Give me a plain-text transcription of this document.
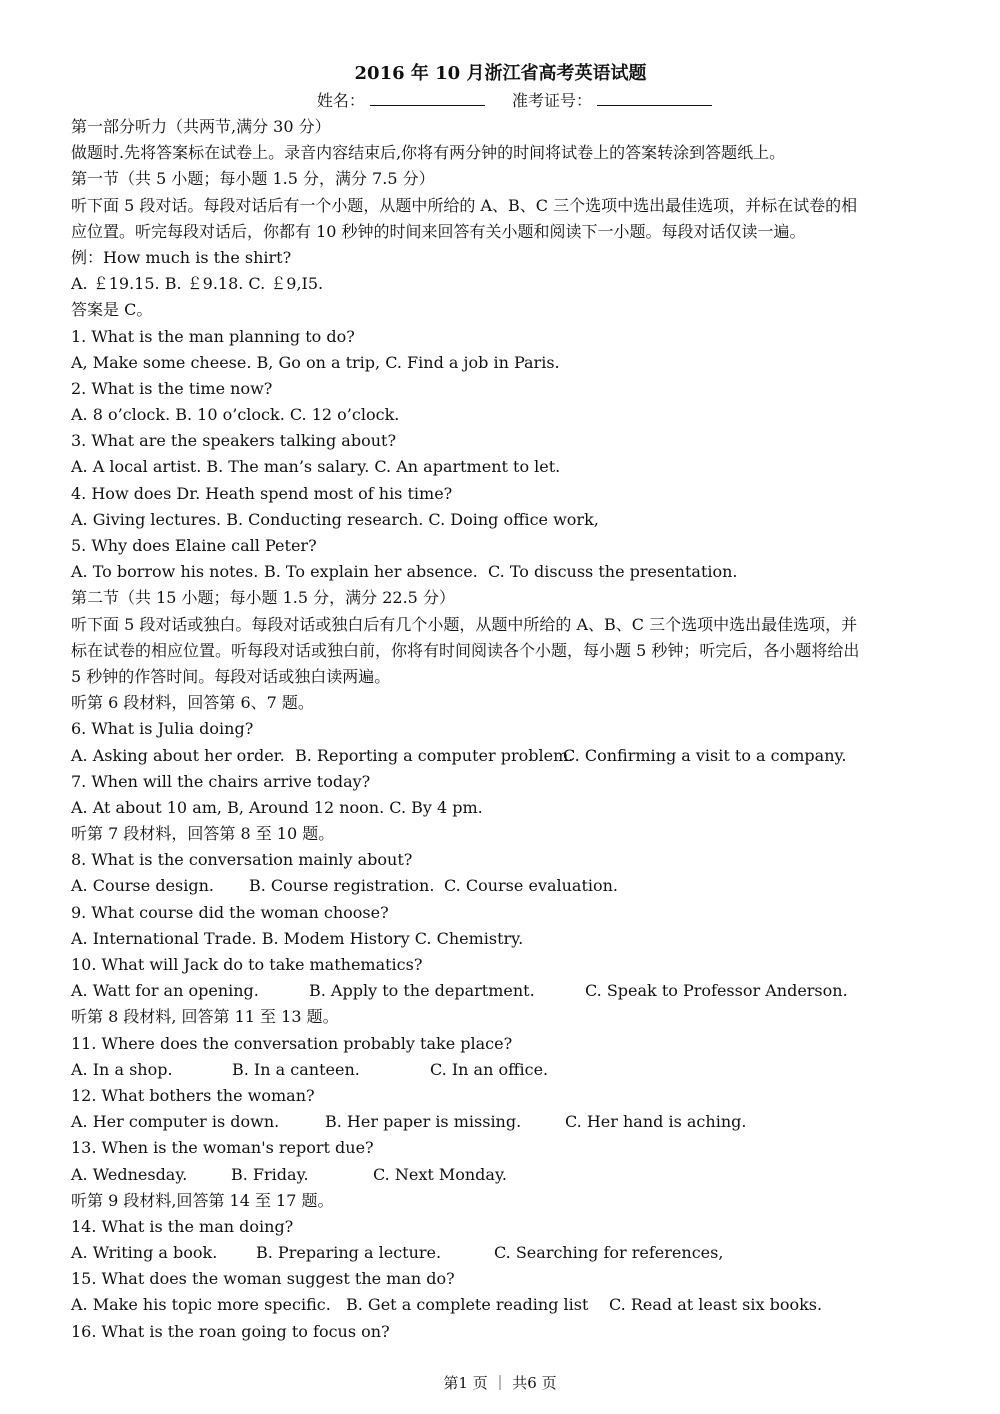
2016 年 10 月浙江省高考英语试题
姓名：	准考证号：
第一部分听力（共两节,满分 30 分）
做题时.先将答案标在试卷上。录音内容结束后,你将有两分钟的时间将试卷上的答案转涂到答题纸上。
第一节（共 5 小题；每小题 1.5 分，满分 7.5 分）
听下面 5 段对话。每段对话后有一个小题，从题中所给的 A、B、C 三个选项中选出最佳选项，并标在试卷的相
应位置。听完每段对话后，你都有 10 秒钟的时间来回答有关小题和阅读下一小题。每段对话仅读一遍。
例：How much is the shirt?
A. ￡19.15. B. ￡9.18. C. ￡9,I5.
答案是 C。
1. What is the man planning to do?
A, Make some cheese. B, Go on a trip, C. Find a job in Paris.
2. What is the time now?
A. 8 o’clock. B. 10 o’clock. C. 12 o’clock.
3. What are the speakers talking about?
A. A local artist. B. The man’s salary. C. An apartment to let.
4. How does Dr. Heath spend most of his time?
A. Giving lectures. B. Conducting research. C. Doing office work,
5. Why does Elaine call Peter?
A. To borrow his notes. B. To explain her absence. C. To discuss the presentation.
第二节（共 15 小题；每小题 1.5 分，满分 22.5 分）
听下面 5 段对话或独白。每段对话或独白后有几个小题，从题中所给的 A、B、C 三个选项中选出最佳选项，并
标在试卷的相应位置。听每段对话或独白前，你将有时间阅读各个小题，每小题 5 秒钟；听完后，各小题将给出
5 秒钟的作答时间。每段对话或独白读两遍。
听第 6 段材料，回答第 6、7 题。
6. What is Julia doing?
A. Asking about her order. B. Reporting a computer problem.
C. Confirming a visit to a company.
7. When will the chairs arrive today?
A. At about 10 am, B, Around 12 noon. C. By 4 pm.
听第 7 段材料，回答第 8 至 10 题。
8. What is the conversation mainly about?
A. Course design. B. Course registration. C. Course evaluation.
9. What course did the woman choose?
A. International Trade. B. Modem History C. Chemistry.
10. What will Jack do to take mathematics?
A. Watt for an opening.	B. Apply to the department.	C. Speak to Professor Anderson.
听第 8 段材料, 回答第 11 至 13 题。
11. Where does the conversation probably take place?
A. In a shop.	B. In a canteen.	C. In an office.
12. What bothers the woman?
A. Her computer is down.	B. Her paper is missing.	C. Her hand is aching.
13. When is the woman's report due?
A. Wednesday.	B. Friday.	C. Next Monday.
听第 9 段材料,回答第 14 至 17 题。
14. What is the man doing?
A. Writing a book. B. Preparing a lecture.	C. Searching for references,
15. What does the woman suggest the man do?
A. Make his topic more specific. B. Get a complete reading list C. Read at least six books.
16. What is the roan going to focus on?
第1 页 ｜ 共6 页
